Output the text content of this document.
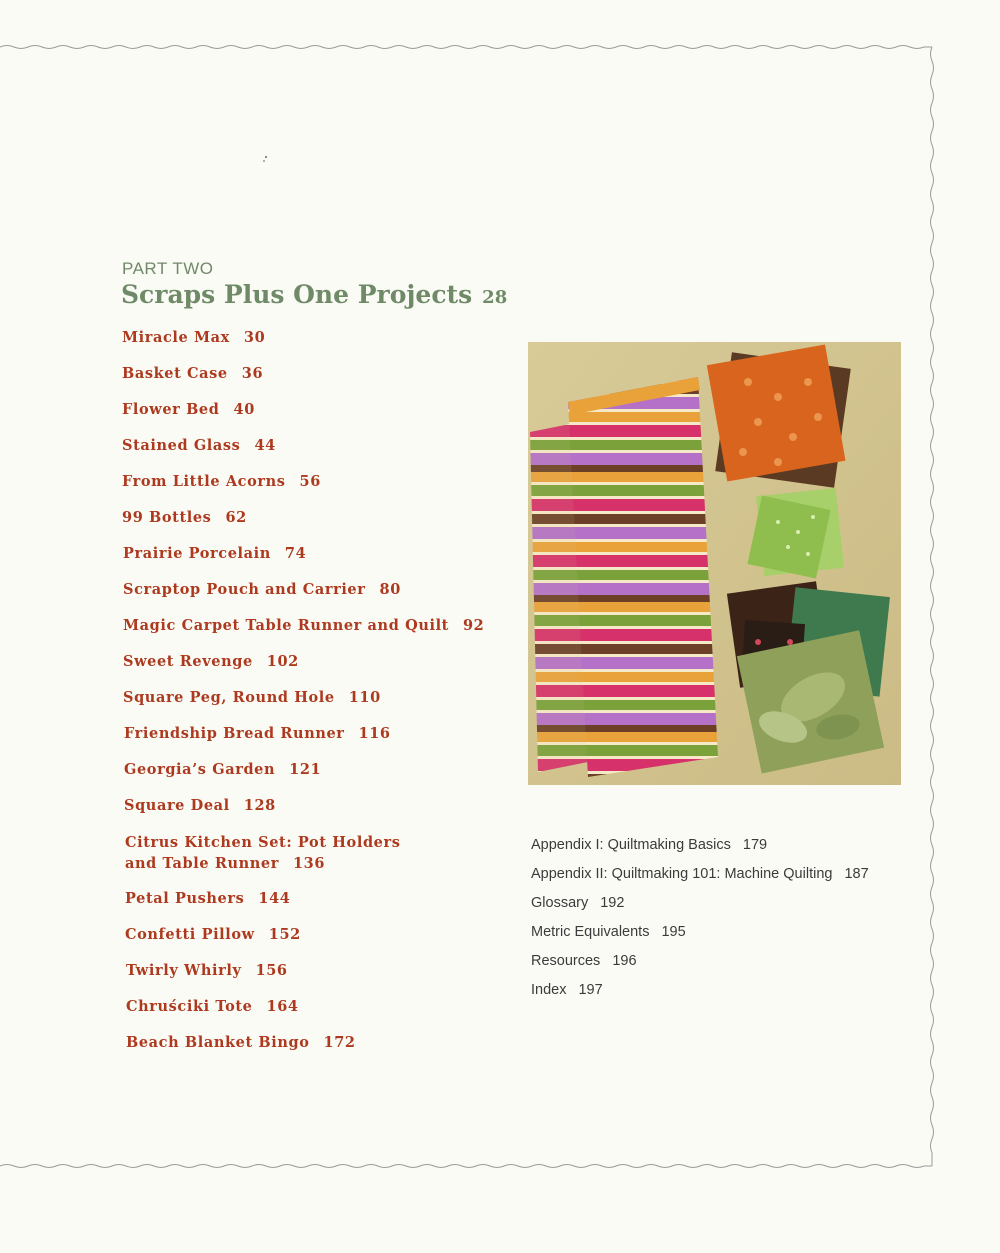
PART TWO
Scraps Plus One Projects 28
Miracle Max 30
Basket Case 36
Flower Bed 40
Stained Glass 44
From Little Acorns 56
99 Bottles 62
Prairie Porcelain 74
Scraptop Pouch and Carrier 80
Magic Carpet Table Runner and Quilt 92
Sweet Revenge 102
Square Peg, Round Hole 110
Friendship Bread Runner 116
Georgia’s Garden 121
Square Deal 128
Citrus Kitchen Set: Pot Holders
and Table Runner 136
Petal Pushers 144
Confetti Pillow 152
Twirly Whirly 156
Chruściki Tote 164
Beach Blanket Bingo 172
Appendix I: Quiltmaking Basics 179
Appendix II: Quiltmaking 101: Machine Quilting 187
Glossary 192
Metric Equivalents 195
Resources 196
Index 197
